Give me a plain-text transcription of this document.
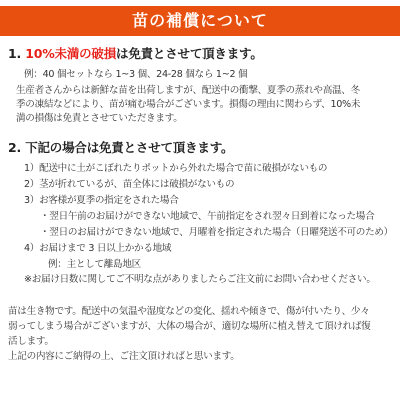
苗の補償について
1. 10%未満の破損は免責とさせて頂きます。
例：40 個セットなら 1~3 個、24-28 個なら 1~2 個
生産者さんからは新鮮な苗を出荷しますが、配送中の衝撃、夏季の蒸れや高温、冬
季の凍結などにより、苗が痛む場合がございます。損傷の理由に関わらず、10%未
満の損傷は免責とさせていただきます。
2. 下記の場合は免責とさせて頂きます。
1）配送中に土がこぼれたりポットから外れた場合で苗に破損がないもの
2）茎が折れているが、苗全体には破損がないもの
3）お客様が夏季の指定をされた場合
・翌日午前のお届けができない地域で、午前指定をされ翌々日到着になった場合
・翌日のお届けができない地域で、月曜着を指定された場合（日曜発送不可のため）
4）お届けまで 3 日以上かかる地域
例：主として離島地区
※お届け日数に関してご不明な点がありましたらご注文前にお問い合わせください。
苗は生き物です。配送中の気温や湿度などの変化、揺れや傾きで、傷が付いたり、少々
弱ってしまう場合がございますが、大体の場合が、適切な場所に植え替えて頂ければ復
活します。
上記の内容にご納得の上、ご注文頂ければと思います。
